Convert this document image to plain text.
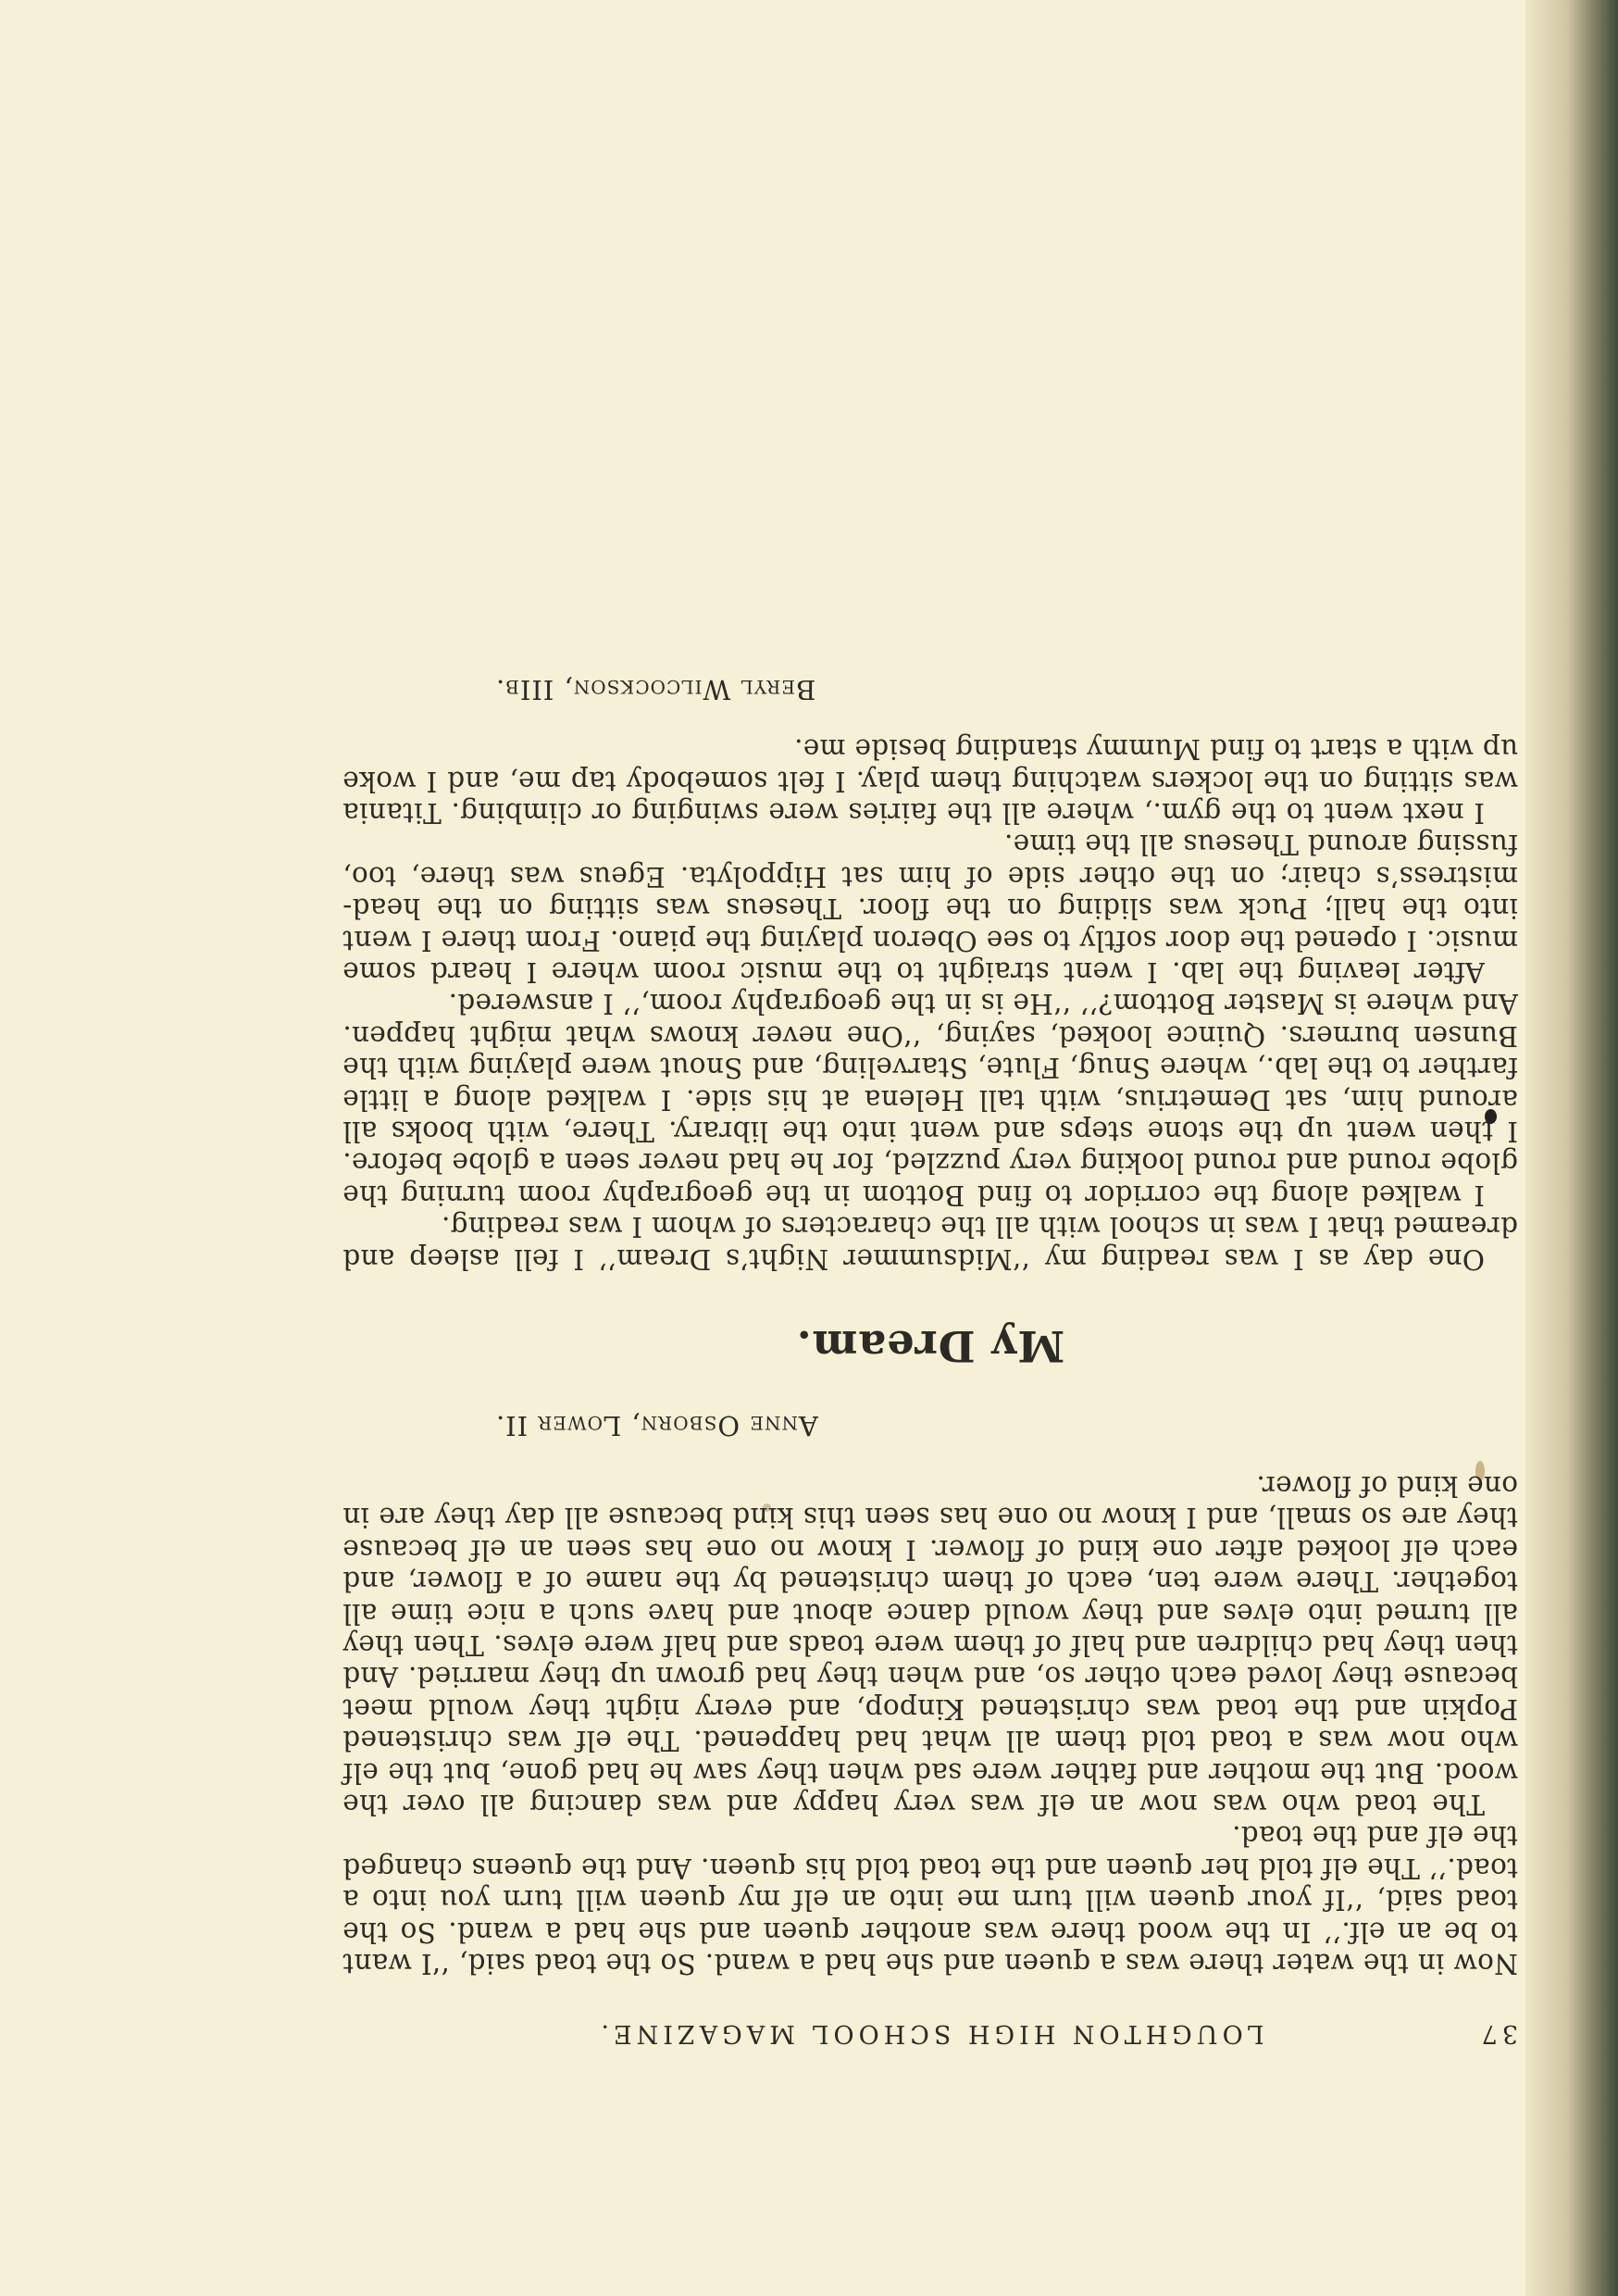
37
LOUGHTON HIGH SCHOOL MAGAZINE.

Now in the water there was a queen and she had a wand. So the toad said, ‘‘I want to be an elf.’’ In the wood there was another queen and she had a wand. So the toad said, ‘‘If your queen will turn me into an elf my queen will turn you into a toad.’’ The elf told her queen and the toad told his queen. And the queens changed the elf and the toad.

The toad who was now an elf was very happy and was dancing all over the wood. But the mother and father were sad when they saw he had gone, but the elf who now was a toad told them all what had happened. The elf was christened Popkin and the toad was christened Kinpop, and every night they would meet because they loved each other so, and when they had grown up they married. And then they had children and half of them were toads and half were elves. Then they all turned into elves and they would dance about and have such a nice time all together. There were ten, each of them christened by the name of a flower, and each elf looked after one kind of flower. I know no one has seen an elf because they are so small, and I know no one has seen this kind because all day they are in one kind of flower.

Anne Osborn, Lower II.

My Dream.

One day as I was reading my ‘‘Midsummer Night’s Dream’’ I fell asleep and dreamed that I was in school with all the characters of whom I was reading.

I walked along the corridor to find Bottom in the geography room turning the globe round and round looking very puzzled, for he had never seen a globe before. I then went up the stone steps and went into the library. There, with books all around him, sat Demetrius, with tall Helena at his side. I walked along a little farther to the lab., where Snug, Flute, Starveling, and Snout were playing with the Bunsen burners. Quince looked, saying, ‘‘One never knows what might happen. And where is Master Bottom?’’ ‘‘He is in the geography room,’’ I answered.

After leaving the lab. I went straight to the music room where I heard some music. I opened the door softly to see Oberon playing the piano. From there I went into the hall; Puck was sliding on the floor. Theseus was sitting on the head-mistress’s chair; on the other side of him sat Hippolyta. Egeus was there, too, fussing around Theseus all the time.

I next went to the gym., where all the fairies were swinging or climbing. Titania was sitting on the lockers watching them play. I felt somebody tap me, and I woke up with a start to find Mummy standing beside me.

Beryl Wilcockson, IIIb.
